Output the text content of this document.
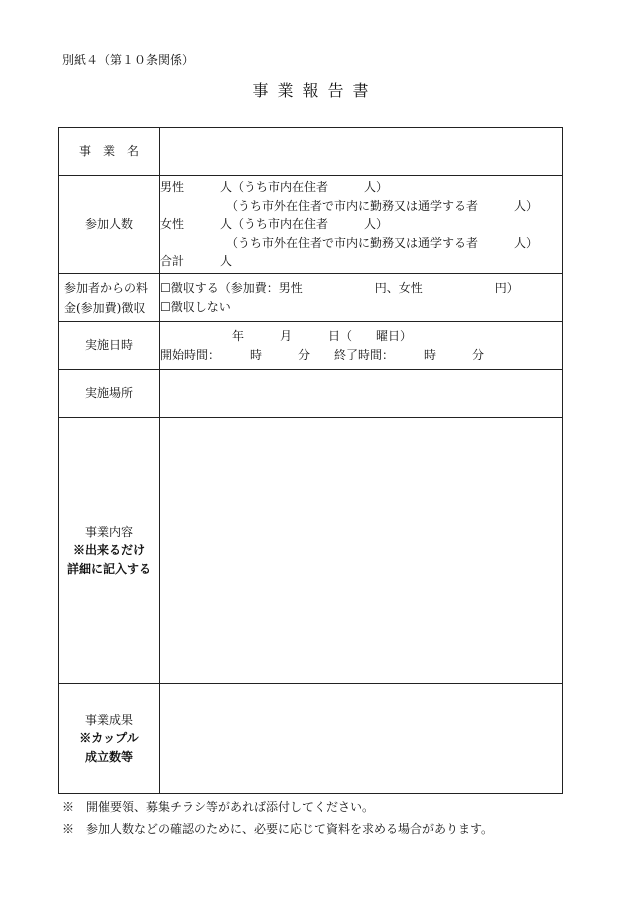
別紙４（第１０条関係）
事業報告書
事　業　名	
参加人数	男性　　　人（うち市内在住者　　　人）
　　　　　　（うち市外在住者で市内に勤務又は通学する者　　　人）
女性　　　人（うち市内在住者　　　人）
　　　　　　（うち市外在住者で市内に勤務又は通学する者　　　人）
合計　　　人

参加者からの料
金(参加費)徴収	☐徴収する（参加費：男性　　　　　　円、女性　　　　　　円）
☐徴収しない

実施日時	　　　　　　年　　　月　　　日（　　曜日）
開始時間：　　　時　　　分　　終了時間：　　　時　　　分

実施場所	

事業内容
※出来るだけ
詳細に記入する	

事業成果
※カップル
成立数等	

※　開催要領、募集チラシ等があれば添付してください。
※　参加人数などの確認のために、必要に応じて資料を求める場合があります。
